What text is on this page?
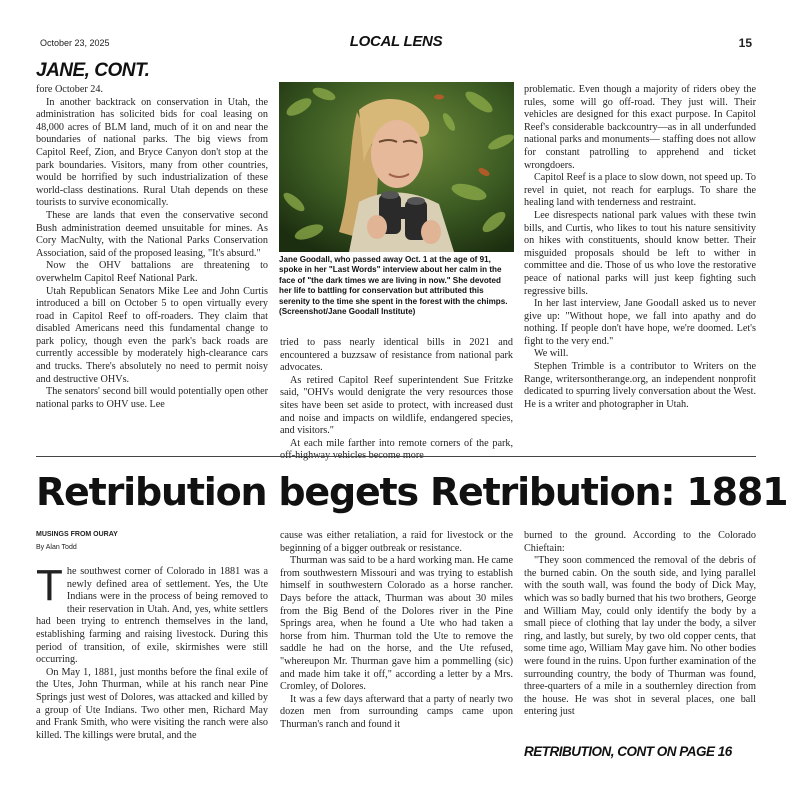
October 23, 2025	LOCAL LENS	15
JANE, CONT.

fore October 24.

In another backtrack on conservation in Utah, the administration has solicited bids for coal leasing on 48,000 acres of BLM land, much of it on and near the boundaries of national parks. The big views from Capitol Reef, Zion, and Bryce Canyon don't stop at the park boundaries. Visitors, many from other countries, would be horrified by such industrialization of these world-class destinations. Rural Utah depends on these tourists to survive economically.

These are lands that even the conservative second Bush administration deemed unsuitable for mines. As Cory MacNulty, with the National Parks Conservation Association, said of the proposed leasing, "It's absurd."

Now the OHV battalions are threatening to overwhelm Capitol Reef National Park.

Utah Republican Senators Mike Lee and John Curtis introduced a bill on October 5 to open virtually every road in Capitol Reef to off-roaders. They claim that disabled Americans need this fundamental change to park policy, though even the park's back roads are currently accessible by moderately high-clearance cars and trucks. There's absolutely no need to permit noisy and destructive OHVs.

The senators' second bill would potentially open other national parks to OHV use. Lee

Jane Goodall, who passed away Oct. 1 at the age of 91, spoke in her "Last Words" interview about her calm in the face of "the dark times we are living in now." She devoted her life to battling for conservation but attributed this serenity to the time she spent in the forest with the chimps. (Screenshot/Jane Goodall Institute)

tried to pass nearly identical bills in 2021 and encountered a buzzsaw of resistance from national park advocates.

As retired Capitol Reef superintendent Sue Fritzke said, "OHVs would denigrate the very resources those sites have been set aside to protect, with increased dust and noise and impacts on wildlife, endangered species, and visitors."

At each mile farther into remote corners of the park, off-highway vehicles become more

problematic. Even though a majority of riders obey the rules, some will go off-road. They just will. Their vehicles are designed for this exact purpose. In Capitol Reef's considerable backcountry—as in all underfunded national parks and monuments— staffing does not allow for constant patrolling to apprehend and ticket wrongdoers.

Capitol Reef is a place to slow down, not speed up. To revel in quiet, not reach for earplugs. To share the healing land with tenderness and restraint.

Lee disrespects national park values with these twin bills, and Curtis, who likes to tout his nature sensitivity on hikes with constituents, should know better. Their misguided proposals should be left to wither in committee and die. Those of us who love the restorative peace of national parks will just keep fighting such regressive bills.

In her last interview, Jane Goodall asked us to never give up: "Without hope, we fall into apathy and do nothing. If people don't have hope, we're doomed. Let's fight to the very end."

We will.

Stephen Trimble is a contributor to Writers on the Range, writersontherange.org, an independent nonprofit dedicated to spurring lively conversation about the West. He is a writer and photographer in Utah.

Retribution begets Retribution: 1881
MUSINGS FROM OURAY
By Alan Todd

The southwest corner of Colorado in 1881 was a newly defined area of settlement. Yes, the Ute Indians were in the process of being removed to their reservation in Utah. And, yes, white settlers had been trying to entrench themselves in the land, establishing farming and raising livestock. During this period of transition, of exile, skirmishes were still occurring.

On May 1, 1881, just months before the final exile of the Utes, John Thurman, while at his ranch near Pine Springs just west of Dolores, was attacked and killed by a group of Ute Indians. Two other men, Richard May and Frank Smith, who were visiting the ranch were also killed. The killings were brutal, and the

cause was either retaliation, a raid for livestock or the beginning of a bigger outbreak or resistance.

Thurman was said to be a hard working man. He came from southwestern Missouri and was trying to establish himself in southwestern Colorado as a horse rancher. Days before the attack, Thurman was about 30 miles from the Big Bend of the Dolores river in the Pine Springs area, when he found a Ute who had taken a horse from him. Thurman told the Ute to remove the saddle he had on the horse, and the Ute refused, "whereupon Mr. Thurman gave him a pommelling (sic) and made him take it off," according a letter by a Mrs. Cromley, of Dolores.

It was a few days afterward that a party of nearly two dozen men from surrounding camps came upon Thurman's ranch and found it

burned to the ground. According to the Colorado Chieftain:

"They soon commenced the removal of the debris of the burned cabin. On the south side, and lying parallel with the south wall, was found the body of Dick May, which was so badly burned that his two brothers, George and William May, could only identify the body by a small piece of clothing that lay under the body, a silver ring, and lastly, but surely, by two old copper cents, that some time ago, William May gave him. No other bodies were found in the ruins. Upon further examination of the surrounding country, the body of Thurman was found, three-quarters of a mile in a southernley direction from the house. He was shot in several places, one ball entering just

RETRIBUTION, CONT ON PAGE 16
